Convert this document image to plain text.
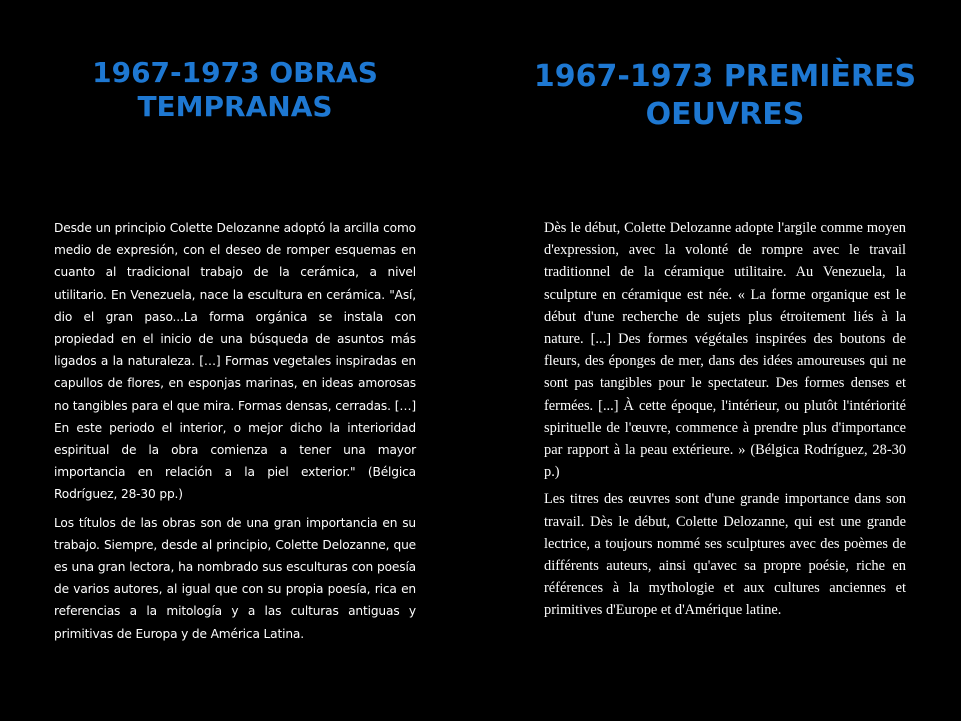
1967-1973 OBRAS TEMPRANAS
1967-1973 PREMIÈRES OEUVRES

Desde un principio Colette Delozanne adoptó la arcilla como medio de expresión, con el deseo de romper esquemas en cuanto al tradicional trabajo de la cerámica, a nivel utilitario. En Venezuela, nace la escultura en cerámica. "Así, dio el gran paso...La forma orgánica se instala con propiedad en el inicio de una búsqueda de asuntos más ligados a la naturaleza. […] Formas vegetales inspiradas en capullos de flores, en esponjas marinas, en ideas amorosas no tangibles para el que mira. Formas densas, cerradas. […] En este periodo el interior, o mejor dicho la interioridad espiritual de la obra comienza a tener una mayor importancia en relación a la piel exterior." (Bélgica Rodríguez, 28-30 pp.)

Los títulos de las obras son de una gran importancia en su trabajo. Siempre, desde al principio, Colette Delozanne, que es una gran lectora, ha nombrado sus esculturas con poesía de varios autores, al igual que con su propia poesía, rica en referencias a la mitología y a las culturas antiguas y primitivas de Europa y de América Latina.

Dès le début, Colette Delozanne adopte l'argile comme moyen d'expression, avec la volonté de rompre avec le travail traditionnel de la céramique utilitaire. Au Venezuela, la sculpture en céramique est née. « La forme organique est le début d'une recherche de sujets plus étroitement liés à la nature. [...] Des formes végétales inspirées des boutons de fleurs, des éponges de mer, dans des idées amoureuses qui ne sont pas tangibles pour le spectateur. Des formes denses et fermées. [...] À cette époque, l'intérieur, ou plutôt l'intériorité spirituelle de l'œuvre, commence à prendre plus d'importance par rapport à la peau extérieure. » (Bélgica Rodríguez, 28-30 p.)

Les titres des œuvres sont d'une grande importance dans son travail. Dès le début, Colette Delozanne, qui est une grande lectrice, a toujours nommé ses sculptures avec des poèmes de différents auteurs, ainsi qu'avec sa propre poésie, riche en références à la mythologie et aux cultures anciennes et primitives d'Europe et d'Amérique latine.
